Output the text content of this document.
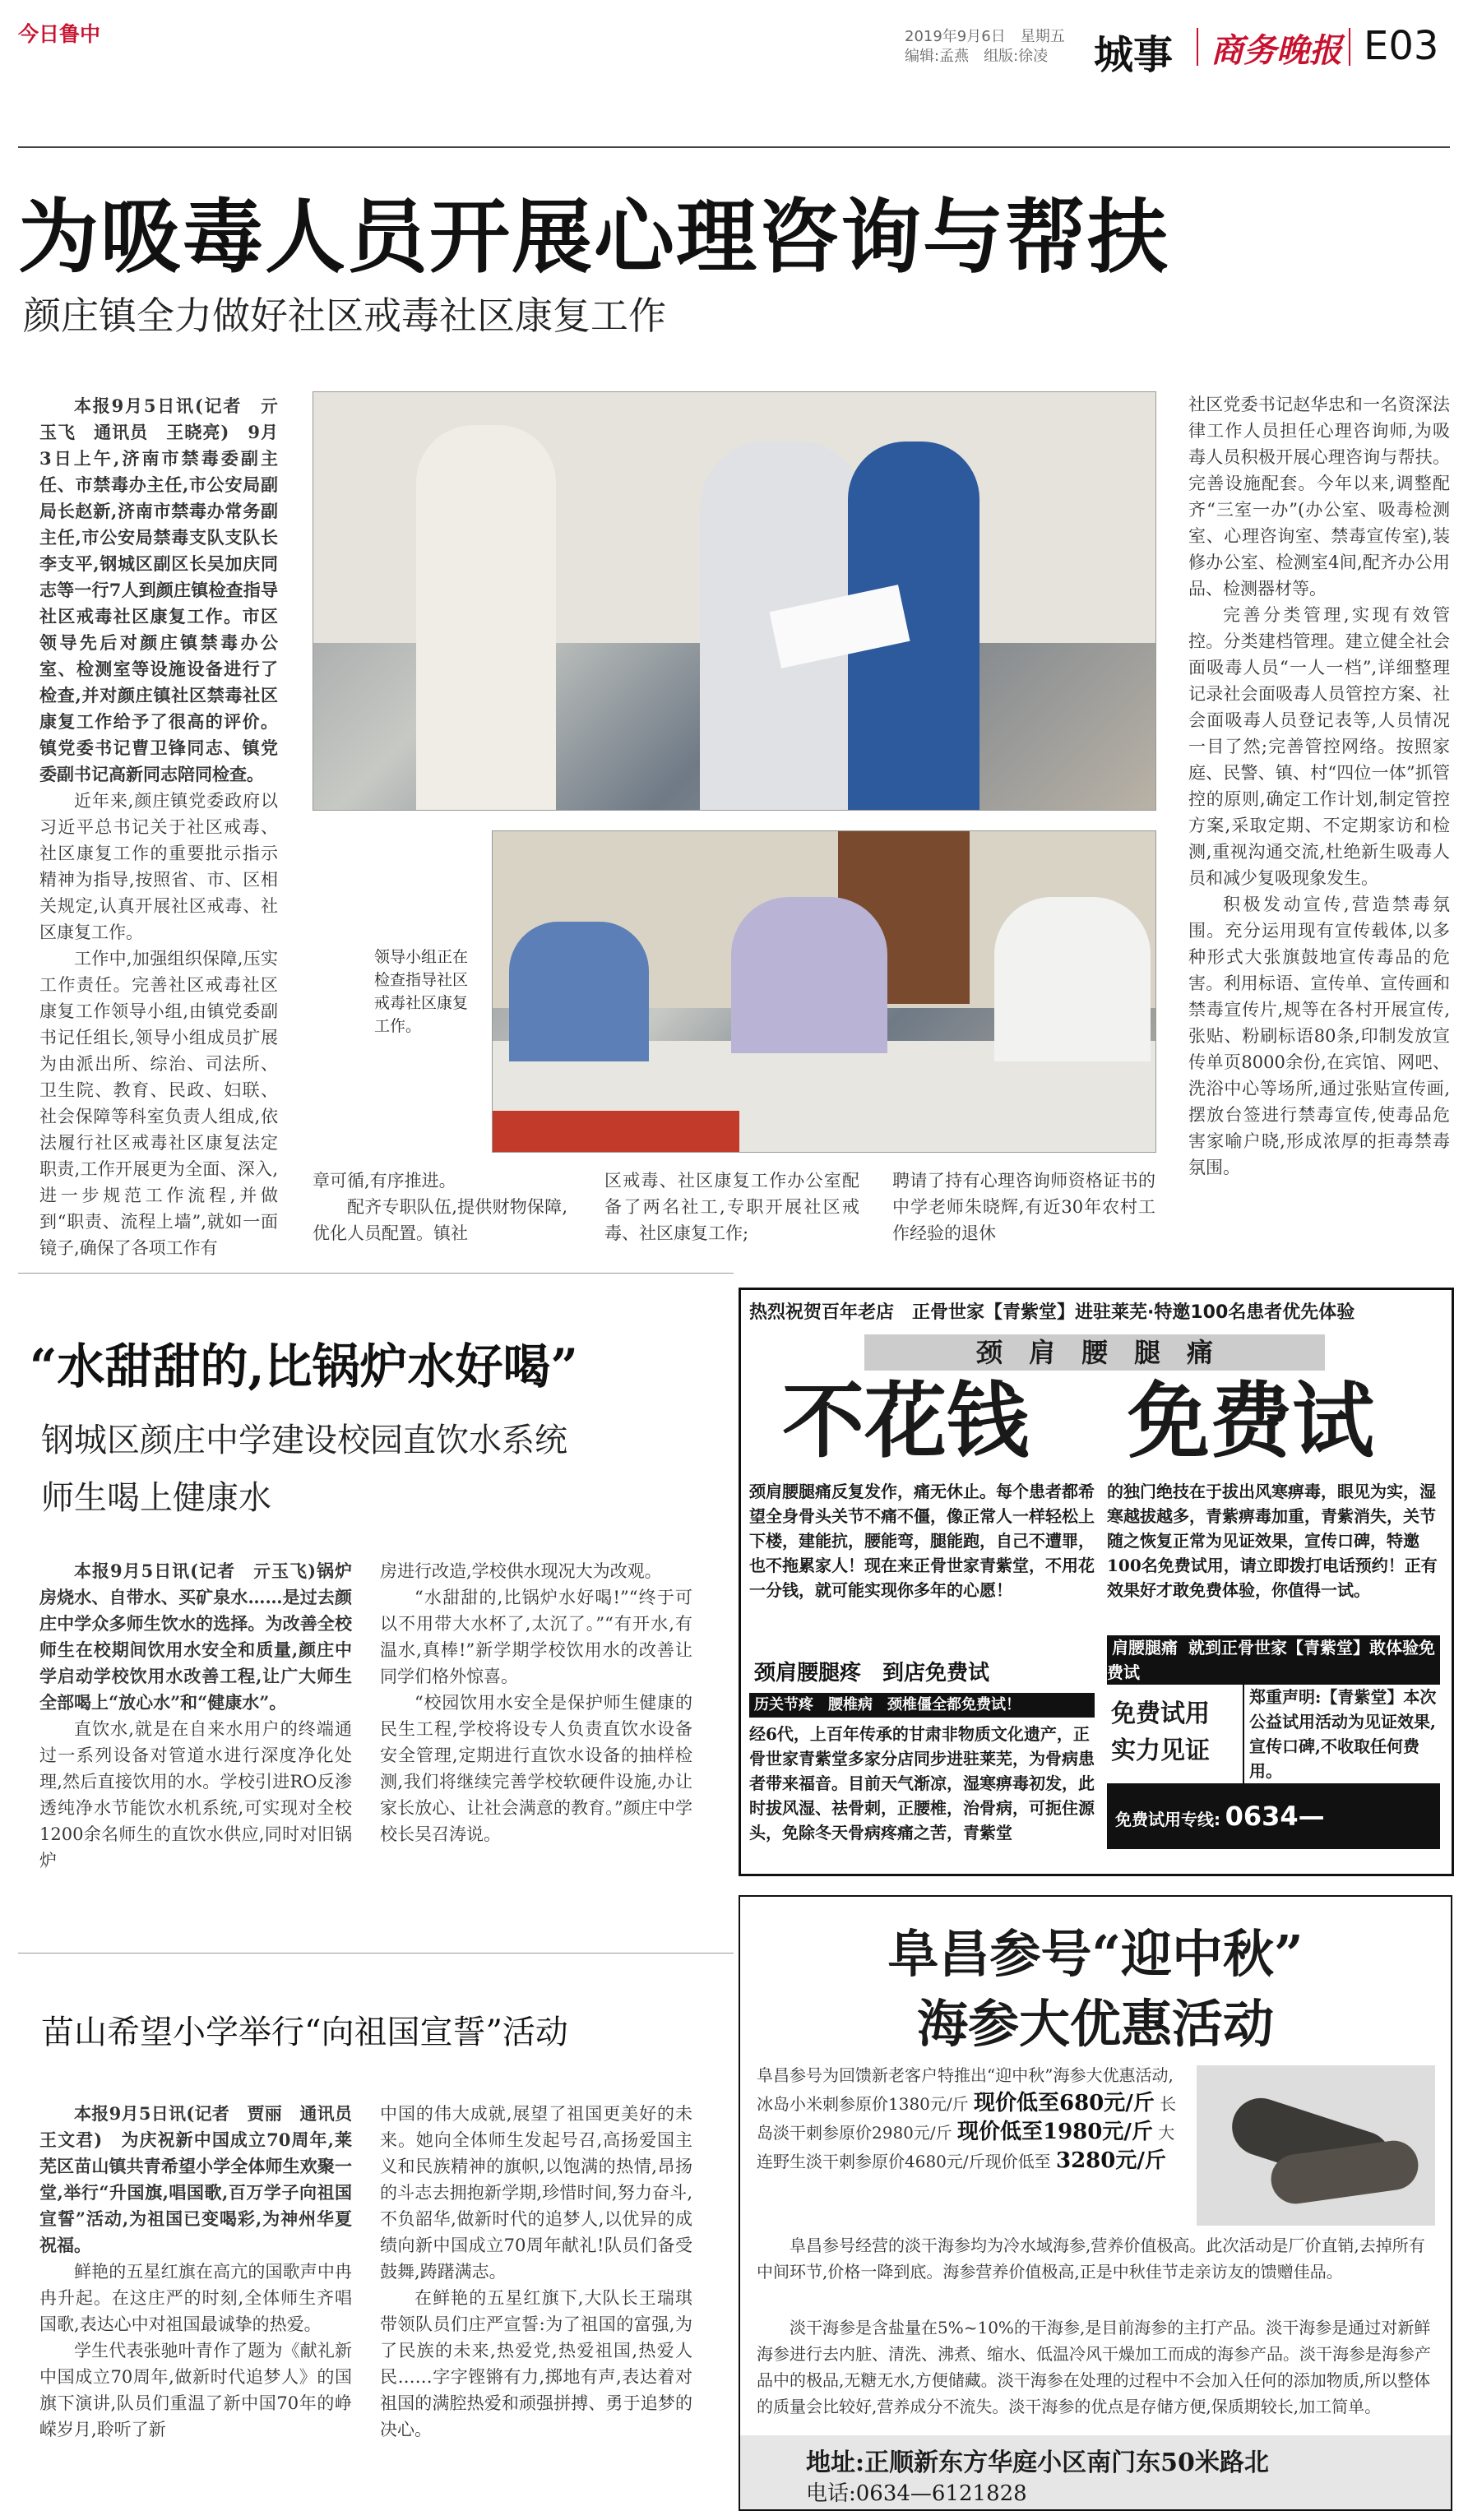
今日鲁中	2019年9月6日　星期五
编辑:孟燕　组版:徐凌 城事 商务晚报 E03
为吸毒人员开展心理咨询与帮扶
颜庄镇全力做好社区戒毒社区康复工作
领导小组正在检查指导社区戒毒社区康复工作。

本报9月5日讯(记者　亓玉飞　通讯员　王晓亮)　9月3日上午,济南市禁毒委副主任、市禁毒办主任,市公安局副局长赵新,济南市禁毒办常务副主任,市公安局禁毒支队支队长李支平,钢城区副区长吴加庆同志等一行7人到颜庄镇检查指导社区戒毒社区康复工作。市区领导先后对颜庄镇禁毒办公室、检测室等设施设备进行了检查,并对颜庄镇社区禁毒社区康复工作给予了很高的评价。镇党委书记曹卫锋同志、镇党委副书记高新同志陪同检查。

近年来,颜庄镇党委政府以习近平总书记关于社区戒毒、社区康复工作的重要批示指示精神为指导,按照省、市、区相关规定,认真开展社区戒毒、社区康复工作。

工作中,加强组织保障,压实工作责任。完善社区戒毒社区康复工作领导小组,由镇党委副书记任组长,领导小组成员扩展为由派出所、综治、司法所、卫生院、教育、民政、妇联、社会保障等科室负责人组成,依法履行社区戒毒社区康复法定职责,工作开展更为全面、深入,进一步规范工作流程,并做到“职责、流程上墙”,就如一面镜子,确保了各项工作有

章可循,有序推进。

配齐专职队伍,提供财物保障,优化人员配置。镇社

区戒毒、社区康复工作办公室配备了两名社工,专职开展社区戒毒、社区康复工作;

聘请了持有心理咨询师资格证书的中学老师朱晓辉,有近30年农村工作经验的退休

社区党委书记赵华忠和一名资深法律工作人员担任心理咨询师,为吸毒人员积极开展心理咨询与帮扶。完善设施配套。今年以来,调整配齐“三室一办”(办公室、吸毒检测室、心理咨询室、禁毒宣传室),装修办公室、检测室4间,配齐办公用品、检测器材等。

完善分类管理,实现有效管控。分类建档管理。建立健全社会面吸毒人员“一人一档”,详细整理记录社会面吸毒人员管控方案、社会面吸毒人员登记表等,人员情况一目了然;完善管控网络。按照家庭、民警、镇、村“四位一体”抓管控的原则,确定工作计划,制定管控方案,采取定期、不定期家访和检测,重视沟通交流,杜绝新生吸毒人员和减少复吸现象发生。

积极发动宣传,营造禁毒氛围。充分运用现有宣传载体,以多种形式大张旗鼓地宣传毒品的危害。利用标语、宣传单、宣传画和禁毒宣传片,规等在各村开展宣传,张贴、粉刷标语80条,印制发放宣传单页8000余份,在宾馆、网吧、洗浴中心等场所,通过张贴宣传画,摆放台签进行禁毒宣传,使毒品危害家喻户晓,形成浓厚的拒毒禁毒氛围。

“水甜甜的,比锅炉水好喝”
钢城区颜庄中学建设校园直饮水系统
师生喝上健康水

本报9月5日讯(记者　亓玉飞)锅炉房烧水、自带水、买矿泉水……是过去颜庄中学众多师生饮水的选择。为改善全校师生在校期间饮用水安全和质量,颜庄中学启动学校饮用水改善工程,让广大师生全部喝上“放心水”和“健康水”。

直饮水,就是在自来水用户的终端通过一系列设备对管道水进行深度净化处理,然后直接饮用的水。学校引进RO反渗透纯净水节能饮水机系统,可实现对全校1200余名师生的直饮水供应,同时对旧锅炉

房进行改造,学校供水现况大为改观。

“水甜甜的,比锅炉水好喝!”“终于可以不用带大水杯了,太沉了。”“有开水,有温水,真棒!”新学期学校饮用水的改善让同学们格外惊喜。

“校园饮用水安全是保护师生健康的民生工程,学校将设专人负责直饮水设备安全管理,定期进行直饮水设备的抽样检测,我们将继续完善学校软硬件设施,办让家长放心、让社会满意的教育。”颜庄中学校长吴召涛说。

苗山希望小学举行“向祖国宣誓”活动

本报9月5日讯(记者　贾丽　通讯员　王文君)　为庆祝新中国成立70周年,莱芜区苗山镇共青希望小学全体师生欢聚一堂,举行“升国旗,唱国歌,百万学子向祖国宣誓”活动,为祖国已变喝彩,为神州华夏祝福。

鲜艳的五星红旗在高亢的国歌声中冉冉升起。在这庄严的时刻,全体师生齐唱国歌,表达心中对祖国最诚挚的热爱。

学生代表张驰叶青作了题为《献礼新中国成立70周年,做新时代追梦人》的国旗下演讲,队员们重温了新中国70年的峥嵘岁月,聆听了新

中国的伟大成就,展望了祖国更美好的未来。她向全体师生发起号召,高扬爱国主义和民族精神的旗帜,以饱满的热情,昂扬的斗志去拥抱新学期,珍惜时间,努力奋斗,不负韶华,做新时代的追梦人,以优异的成绩向新中国成立70周年献礼!队员们备受鼓舞,踌躇满志。

在鲜艳的五星红旗下,大队长王瑞琪带领队员们庄严宣誓:为了祖国的富强,为了民族的未来,热爱党,热爱祖国,热爱人民……字字铿锵有力,掷地有声,表达着对祖国的满腔热爱和顽强拼搏、勇于追梦的决心。

热烈祝贺百年老店　正骨世家【青紫堂】进驻莱芜·特邀100名患者优先体验
颈　肩　腰　腿　痛
不花钱 免费试
颈肩腰腿痛反复发作，痛无休止。每个患者都希望全身骨头关节不痛不僵，像正常人一样轻松上下楼，建能抗，腰能弯，腿能跑，自己不遭罪，也不拖累家人！现在来正骨世家青紫堂，不用花一分钱，就可能实现你多年的心愿！
颈肩腰腿疼　到店免费试
历关节疼　腰椎病　颈椎僵全都免费试！
经6代，上百年传承的甘肃非物质文化遗产，正骨世家青紫堂多家分店同步进驻莱芜，为骨病患者带来福音。目前天气渐凉，湿寒痹毒初发，此时拔风湿、祛骨刺，正腰椎，治骨病，可扼住源头，免除冬天骨病疼痛之苦，青紫堂
的独门绝技在于拔出风寒痹毒，眼见为实，湿寒越拔越多，青紫痹毒加重，青紫消失，关节随之恢复正常为见证效果，宣传口碑，特邀100名免费试用，请立即拨打电话预约！正有效果好才敢免费体验，你值得一试。
肩腰腿痛 就到正骨世家【青紫堂】敢体验免费试
免费试用
实力见证
郑重声明:【青紫堂】本次公益试用活动为见证效果,宣传口碑,不收取任何费用。
免费试用专线: 0634—6120689
阜昌参号“迎中秋”
海参大优惠活动
阜昌参号为回馈新老客户特推出“迎中秋”海参大优惠活动,冰岛小米刺参原价1380元/斤 现价低至680元/斤 长岛淡干刺参原价2980元/斤 现价低至1980元/斤 大连野生淡干刺参原价4680元/斤现价低至 3280元/斤
阜昌参号经营的淡干海参均为冷水域海参,营养价值极高。此次活动是厂价直销,去掉所有中间环节,价格一降到底。海参营养价值极高,正是中秋佳节走亲访友的馈赠佳品。
淡干海参是含盐量在5%~10%的干海参,是目前海参的主打产品。淡干海参是通过对新鲜海参进行去内脏、清洗、沸煮、缩水、低温冷风干燥加工而成的海参产品。淡干海参是海参产品中的极品,无糖无水,方便储藏。淡干海参在处理的过程中不会加入任何的添加物质,所以整体的质量会比较好,营养成分不流失。淡干海参的优点是存储方便,保质期较长,加工简单。
地址:正顺新东方华庭小区南门东50米路北
电话:0634—6121828
